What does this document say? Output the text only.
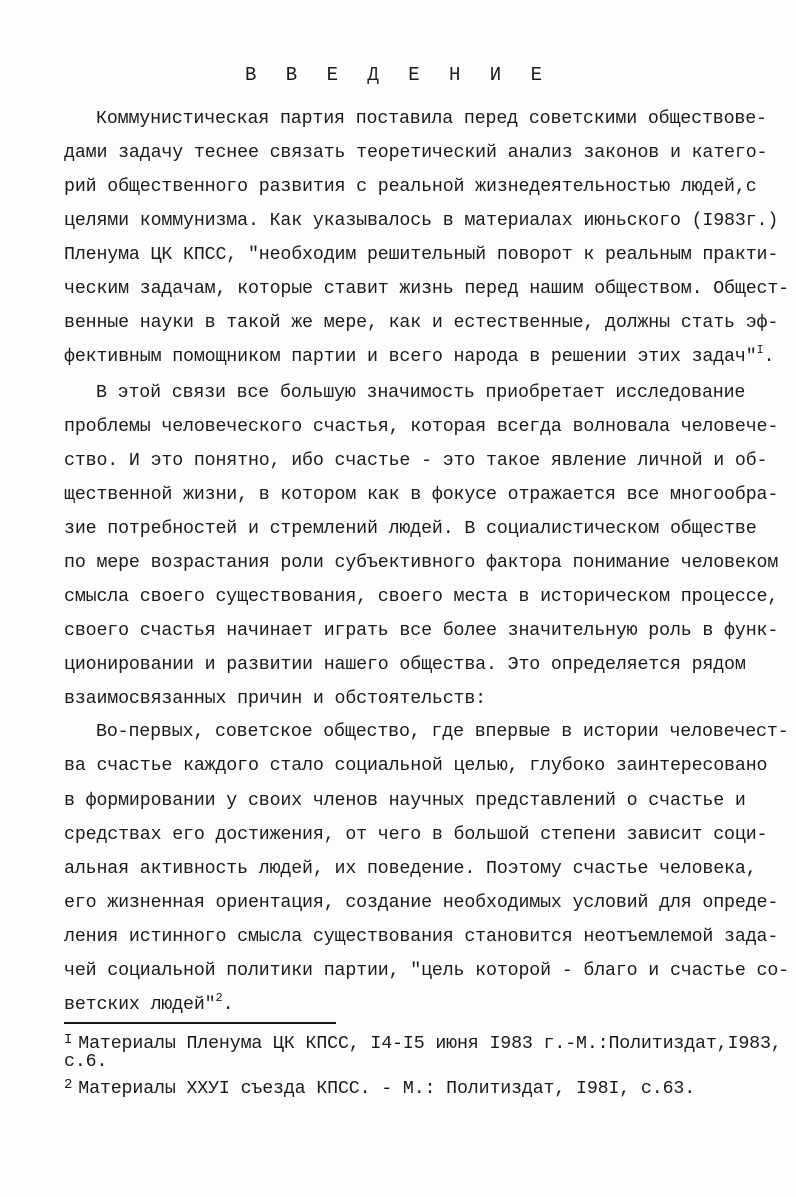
В В Е Д Е Н И Е
Коммунистическая партия поставила перед советскими обществове-
дами задачу теснее связать теоретический анализ законов и катего-
рий общественного развития с реальной жизнедеятельностью людей,с
целями коммунизма. Как указывалось в материалах июньского (I983г.)
Пленума ЦК КПСС, "необходим решительный поворот к реальным практи-
ческим задачам, которые ставит жизнь перед нашим обществом. Общест-
венные науки в такой же мере, как и естественные, должны стать эф-
фективным помощником партии и всего народа в решении этих задач"$^I$.
В этой связи все большую значимость приобретает исследование
проблемы человеческого счастья, которая всегда волновала человече-
ство. И это понятно, ибо счастье - это такое явление личной и об-
щественной жизни, в котором как в фокусе отражается все многообра-
зие потребностей и стремлений людей. В социалистическом обществе
по мере возрастания роли субъективного фактора понимание человеком
смысла своего существования, своего места в историческом процессе,
своего счастья начинает играть все более значительную роль в функ-
ционировании и развитии нашего общества. Это определяется рядом
взаимосвязанных причин и обстоятельств:
Во-первых, советское общество, где впервые в истории человечест-
ва счастье каждого стало социальной целью, глубоко заинтересовано
в формировании у своих членов научных представлений о счастье и
средствах его достижения, от чего в большой степени зависит соци-
альная активность людей, их поведение. Поэтому счастье человека,
его жизненная ориентация, создание необходимых условий для опреде-
ления истинного смысла существования становится неотъемлемой зада-
чей социальной политики партии, "цель которой - благо и счастье со-
ветских людей"$^2$.
$^I$ Материалы Пленума ЦК КПСС, I4-I5 июня I983 г.-М.:Политиздат,I983,
с.6.
$^2$ Материалы ХХУI съезда КПСС. - М.: Политиздат, I98I, с.63.
